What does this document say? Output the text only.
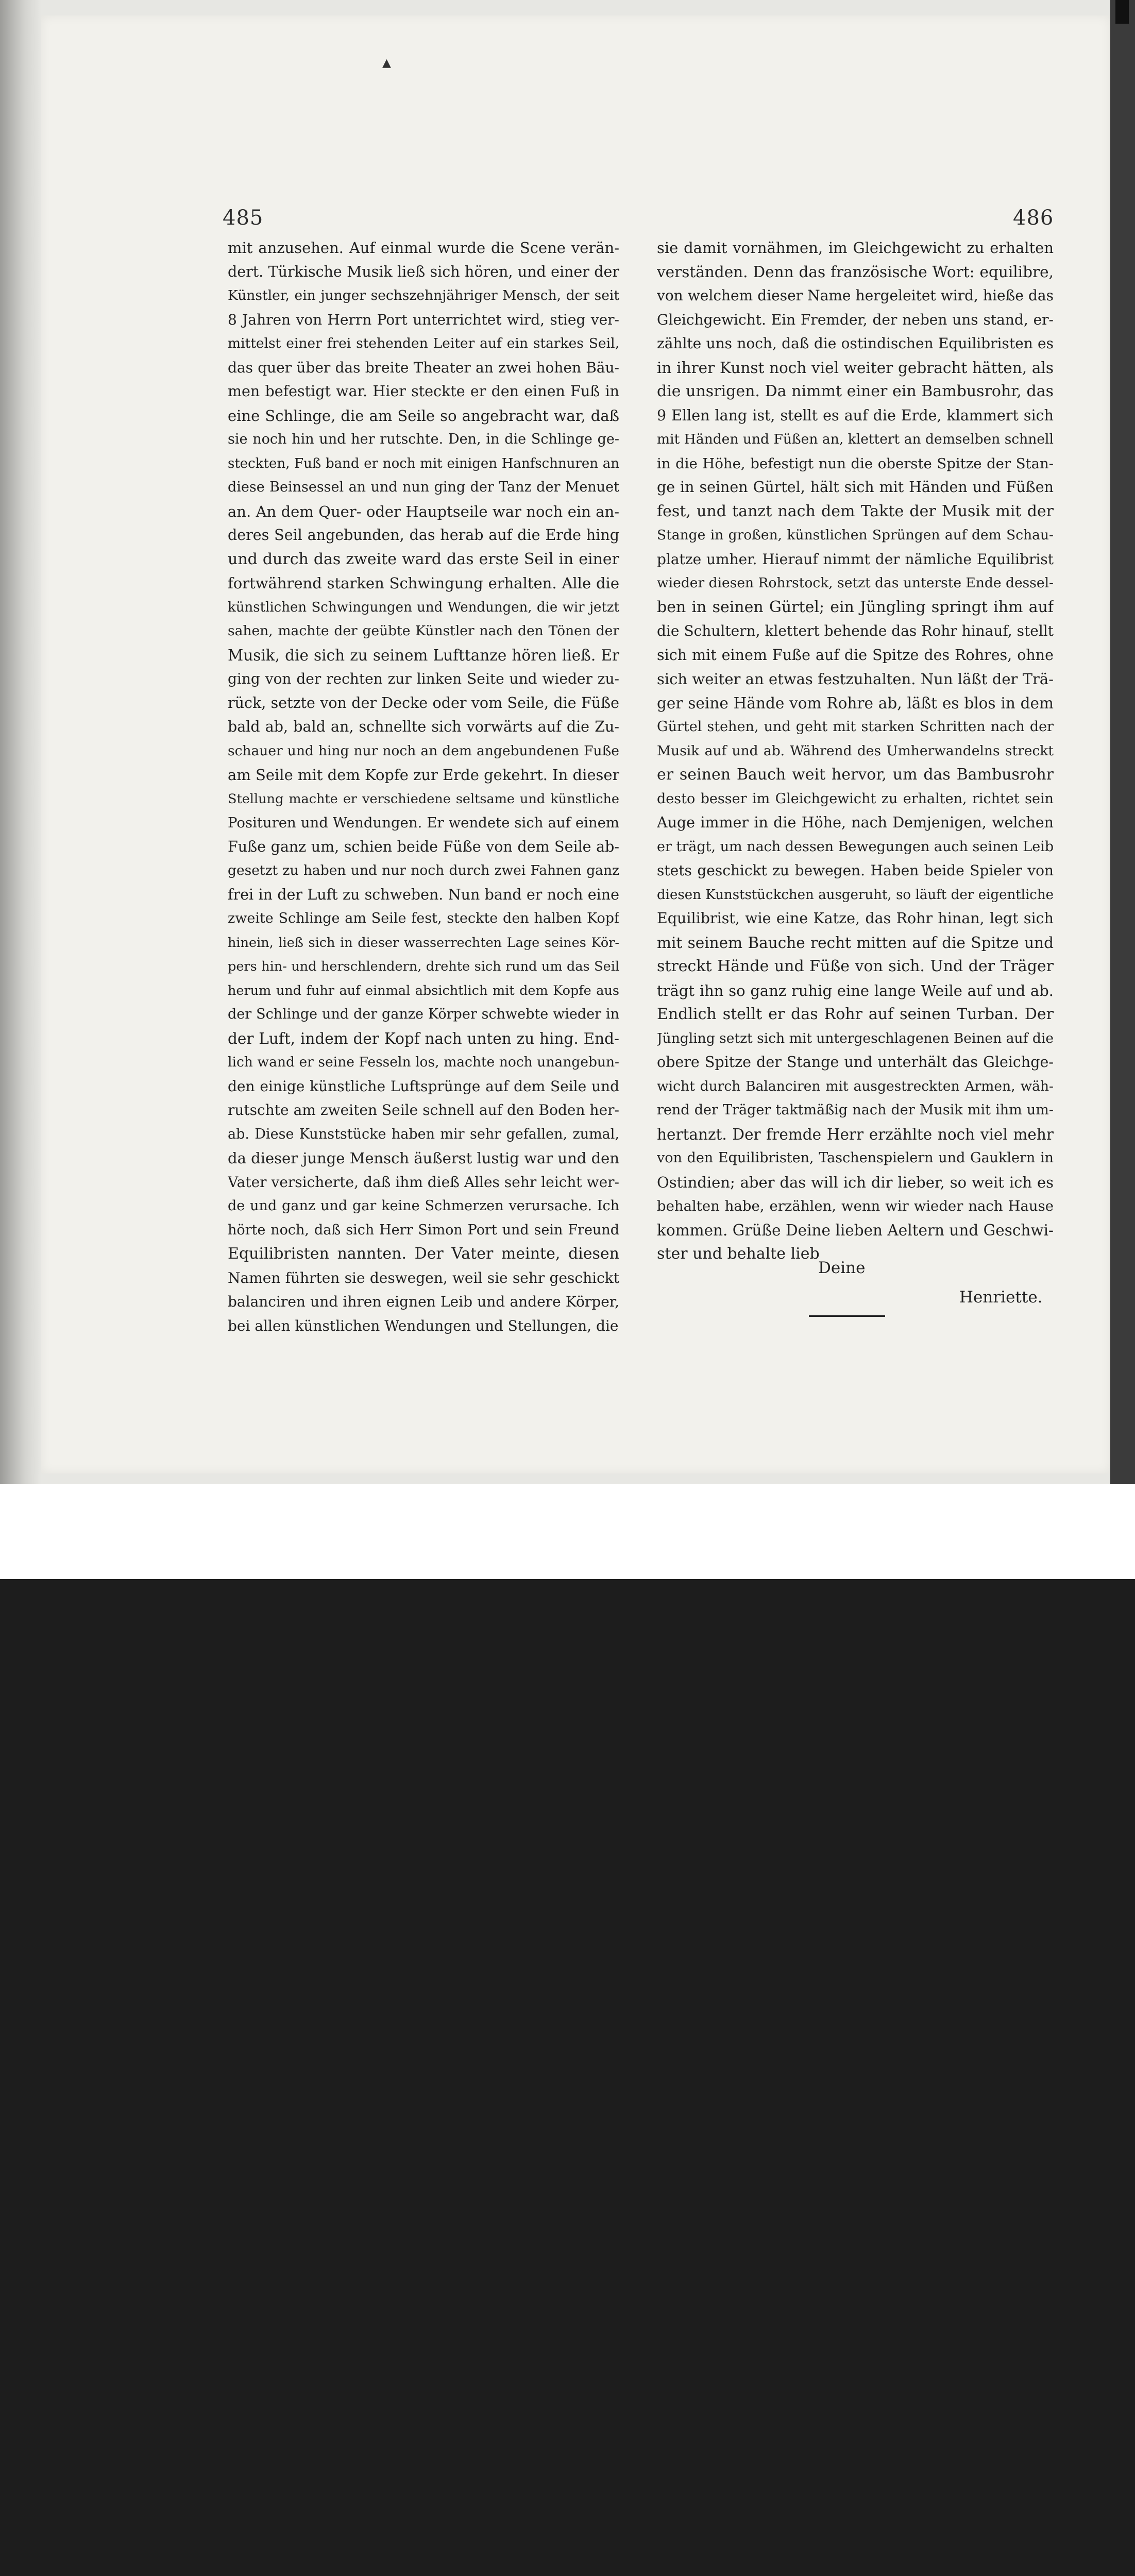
▲
485	486
mit anzusehen. Auf einmal wurde die Scene verän-
dert. Türkische Musik ließ sich hören, und einer der
Künstler, ein junger sechszehnjähriger Mensch, der seit
8 Jahren von Herrn Port unterrichtet wird, stieg ver-
mittelst einer frei stehenden Leiter auf ein starkes Seil,
das quer über das breite Theater an zwei hohen Bäu-
men befestigt war. Hier steckte er den einen Fuß in
eine Schlinge, die am Seile so angebracht war, daß
sie noch hin und her rutschte. Den, in die Schlinge ge-
steckten, Fuß band er noch mit einigen Hanfschnuren an
diese Beinsessel an und nun ging der Tanz der Menuet
an. An dem Quer- oder Hauptseile war noch ein an-
deres Seil angebunden, das herab auf die Erde hing
und durch das zweite ward das erste Seil in einer
fortwährend starken Schwingung erhalten. Alle die
künstlichen Schwingungen und Wendungen, die wir jetzt
sahen, machte der geübte Künstler nach den Tönen der
Musik, die sich zu seinem Lufttanze hören ließ. Er
ging von der rechten zur linken Seite und wieder zu-
rück, setzte von der Decke oder vom Seile, die Füße
bald ab, bald an, schnellte sich vorwärts auf die Zu-
schauer und hing nur noch an dem angebundenen Fuße
am Seile mit dem Kopfe zur Erde gekehrt. In dieser
Stellung machte er verschiedene seltsame und künstliche
Posituren und Wendungen. Er wendete sich auf einem
Fuße ganz um, schien beide Füße von dem Seile ab-
gesetzt zu haben und nur noch durch zwei Fahnen ganz
frei in der Luft zu schweben. Nun band er noch eine
zweite Schlinge am Seile fest, steckte den halben Kopf
hinein, ließ sich in dieser wasserrechten Lage seines Kör-
pers hin- und herschlendern, drehte sich rund um das Seil
herum und fuhr auf einmal absichtlich mit dem Kopfe aus
der Schlinge und der ganze Körper schwebte wieder in
der Luft, indem der Kopf nach unten zu hing. End-
lich wand er seine Fesseln los, machte noch unangebun-
den einige künstliche Luftsprünge auf dem Seile und
rutschte am zweiten Seile schnell auf den Boden her-
ab. Diese Kunststücke haben mir sehr gefallen, zumal,
da dieser junge Mensch äußerst lustig war und den
Vater versicherte, daß ihm dieß Alles sehr leicht wer-
de und ganz und gar keine Schmerzen verursache. Ich
hörte noch, daß sich Herr Simon Port und sein Freund
Equilibristen nannten. Der Vater meinte, diesen
Namen führten sie deswegen, weil sie sehr geschickt
balanciren und ihren eignen Leib und andere Körper,
bei allen künstlichen Wendungen und Stellungen, die
sie damit vornähmen, im Gleichgewicht zu erhalten
verständen. Denn das französische Wort: equilibre,
von welchem dieser Name hergeleitet wird, hieße das
Gleichgewicht. Ein Fremder, der neben uns stand, er-
zählte uns noch, daß die ostindischen Equilibristen es
in ihrer Kunst noch viel weiter gebracht hätten, als
die unsrigen. Da nimmt einer ein Bambusrohr, das
9 Ellen lang ist, stellt es auf die Erde, klammert sich
mit Händen und Füßen an, klettert an demselben schnell
in die Höhe, befestigt nun die oberste Spitze der Stan-
ge in seinen Gürtel, hält sich mit Händen und Füßen
fest, und tanzt nach dem Takte der Musik mit der
Stange in großen, künstlichen Sprüngen auf dem Schau-
platze umher. Hierauf nimmt der nämliche Equilibrist
wieder diesen Rohrstock, setzt das unterste Ende dessel-
ben in seinen Gürtel; ein Jüngling springt ihm auf
die Schultern, klettert behende das Rohr hinauf, stellt
sich mit einem Fuße auf die Spitze des Rohres, ohne
sich weiter an etwas festzuhalten. Nun läßt der Trä-
ger seine Hände vom Rohre ab, läßt es blos in dem
Gürtel stehen, und geht mit starken Schritten nach der
Musik auf und ab. Während des Umherwandelns streckt
er seinen Bauch weit hervor, um das Bambusrohr
desto besser im Gleichgewicht zu erhalten, richtet sein
Auge immer in die Höhe, nach Demjenigen, welchen
er trägt, um nach dessen Bewegungen auch seinen Leib
stets geschickt zu bewegen. Haben beide Spieler von
diesen Kunststückchen ausgeruht, so läuft der eigentliche
Equilibrist, wie eine Katze, das Rohr hinan, legt sich
mit seinem Bauche recht mitten auf die Spitze und
streckt Hände und Füße von sich. Und der Träger
trägt ihn so ganz ruhig eine lange Weile auf und ab.
Endlich stellt er das Rohr auf seinen Turban. Der
Jüngling setzt sich mit untergeschlagenen Beinen auf die
obere Spitze der Stange und unterhält das Gleichge-
wicht durch Balanciren mit ausgestreckten Armen, wäh-
rend der Träger taktmäßig nach der Musik mit ihm um-
hertanzt. Der fremde Herr erzählte noch viel mehr
von den Equilibristen, Taschenspielern und Gauklern in
Ostindien; aber das will ich dir lieber, so weit ich es
behalten habe, erzählen, wenn wir wieder nach Hause
kommen. Grüße Deine lieben Aeltern und Geschwi-
ster und behalte lieb
Deine
Henriette.
